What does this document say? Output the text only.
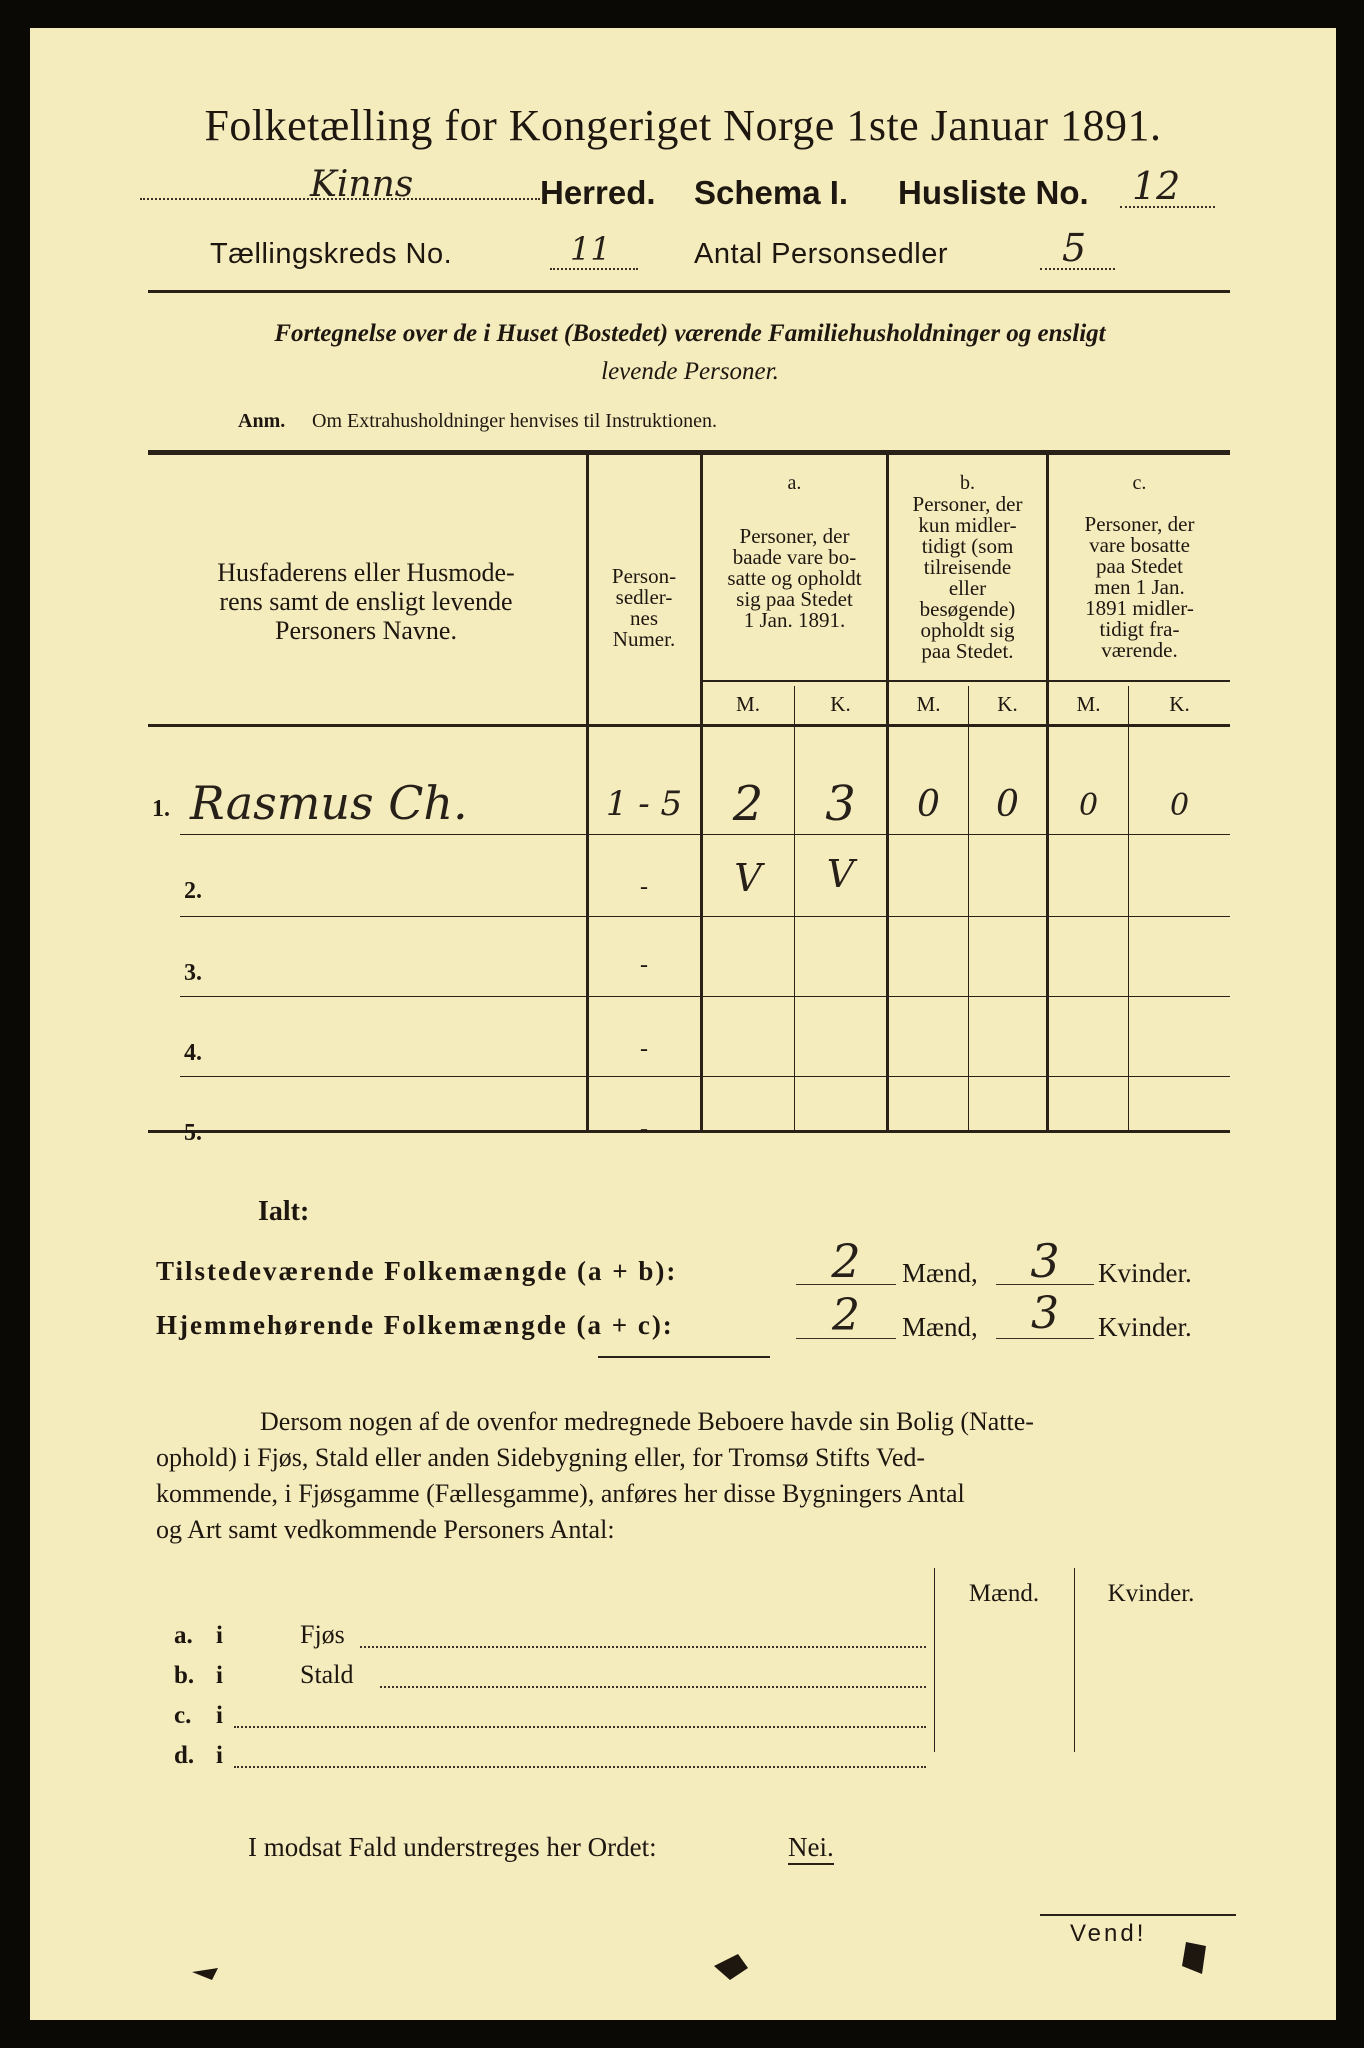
Folketælling for Kongeriget Norge 1ste Januar 1891.
Kinns	Herred. Schema I. Husliste No. 12
Tællingskreds No.	11	Antal Personsedler	5
Fortegnelse over de i Huset (Bostedet) værende Familiehusholdninger og ensligt
levende Personer.
Anm. Om Extrahusholdninger henvises til Instruktionen.
Husfaderens eller Husmode-
rens samt de ensligt levende
Personers Navne.
Person-
sedler-
nes
Numer.
a.
Personer, der
baade vare bo-
satte og opholdt
sig paa Stedet
1 Jan. 1891.
b.
Personer, der
kun midler-
tidigt (som
tilreisende
eller
besøgende)
opholdt sig
paa Stedet.
c.
Personer, der
vare bosatte
paa Stedet
men 1 Jan.
1891 midler-
tidigt fra-
værende.
M.	K.	M.	K.	M.	K.
1. Rasmus Ch.	1 - 5	2	3	0	0	0	0
2.	-	V	V
3.	-
4.	-
5.	-
Ialt:
Tilstedeværende Folkemængde (a + b):	2	Mænd,	3	Kvinder.
Hjemmehørende Folkemængde (a + c):	2	Mænd,	3	Kvinder.
Dersom nogen af de ovenfor medregnede Beboere havde sin Bolig (Natte-
ophold) i Fjøs, Stald eller anden Sidebygning eller, for Tromsø Stifts Ved-
kommende, i Fjøsgamme (Fællesgamme), anføres her disse Bygningers Antal
og Art samt vedkommende Personers Antal:
Mænd.	Kvinder.
a. i	Fjøs
b. i	Stald
c. i
d. i
I modsat Fald understreges her Ordet:	Nei.
Vend!
